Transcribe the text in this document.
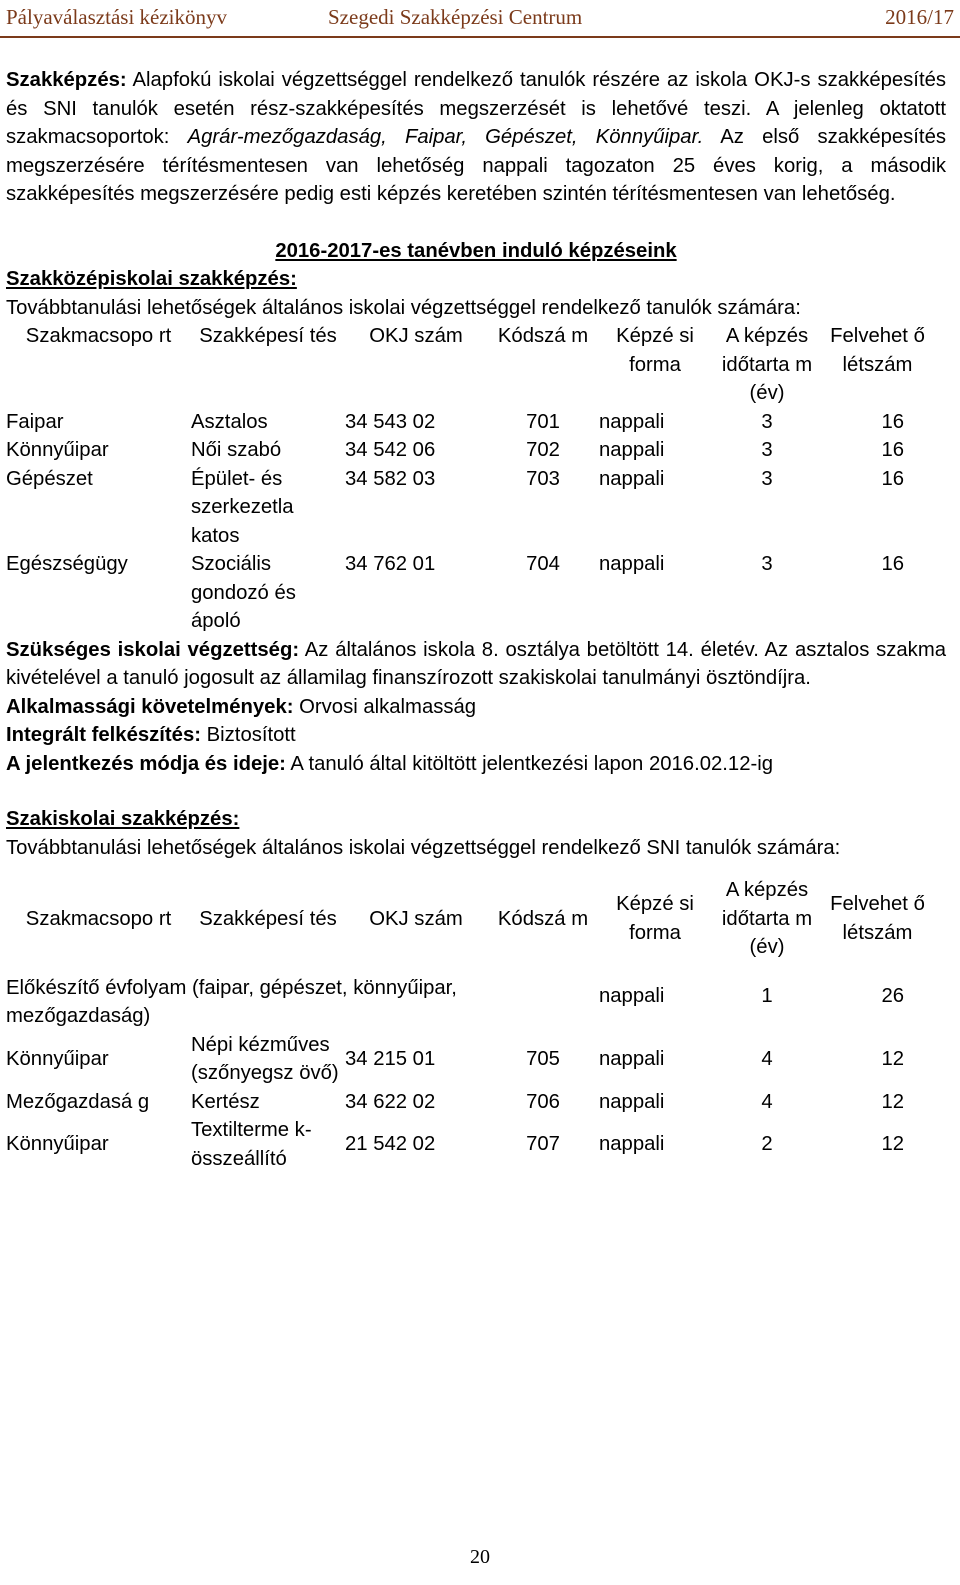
Pályaválasztási kézikönyv	Szegedi Szakképzési Centrum	2016/17

Szakképzés: Alapfokú iskolai végzettséggel rendelkező tanulók részére az iskola OKJ-s szakképesítés és SNI tanulók esetén rész-szakképesítés megszerzését is lehetővé teszi. A jelenleg oktatott szakmacsoportok: Agrár-mezőgazdaság, Faipar, Gépészet, Könnyűipar. Az első szakképesítés megszerzésére térítésmentesen van lehetőség nappali tagozaton 25 éves korig, a második szakképesítés megszerzésére pedig esti képzés keretében szintén térítésmentesen van lehetőség.

2016-2017-es tanévben induló képzéseink

Szakközépiskolai szakképzés:

Továbbtanulási lehetőségek általános iskolai végzettséggel rendelkező tanulók számára:

Szakmacsopo rt	Szakképesí tés	OKJ szám	Kódszá m	Képzé si forma	A képzés időtarta m (év)	Felvehet ő létszám
Faipar	Asztalos	34 543 02	701	nappali	3	16
Könnyűipar	Női szabó	34 542 06	702	nappali	3	16
Gépészet	Épület- és szerkezetla katos	34 582 03	703	nappali	3	16
Egészségügy	Szociális gondozó és ápoló	34 762 01	704	nappali	3	16

Szükséges iskolai végzettség: Az általános iskola 8. osztálya betöltött 14. életév. Az asztalos szakma kivételével a tanuló jogosult az államilag finanszírozott szakiskolai tanulmányi ösztöndíjra.

Alkalmassági követelmények: Orvosi alkalmasság

Integrált felkészítés: Biztosított

A jelentkezés módja és ideje: A tanuló által kitöltött jelentkezési lapon 2016.02.12-ig

Szakiskolai szakképzés:

Továbbtanulási lehetőségek általános iskolai végzettséggel rendelkező SNI tanulók számára:

Szakmacsopo rt	Szakképesí tés	OKJ szám	Kódszá m	Képzé si forma	A képzés időtarta m (év)	Felvehet ő létszám
Előkészítő évfolyam (faipar, gépészet, könnyűipar, mezőgazdaság)				nappali	1	26
Könnyűipar	Népi kézműves (szőnyegsz övő)	34 215 01	705	nappali	4	12
Mezőgazdasá g	Kertész	34 622 02	706	nappali	4	12
Könnyűipar	Textilterme k- összeállító	21 542 02	707	nappali	2	12
20
